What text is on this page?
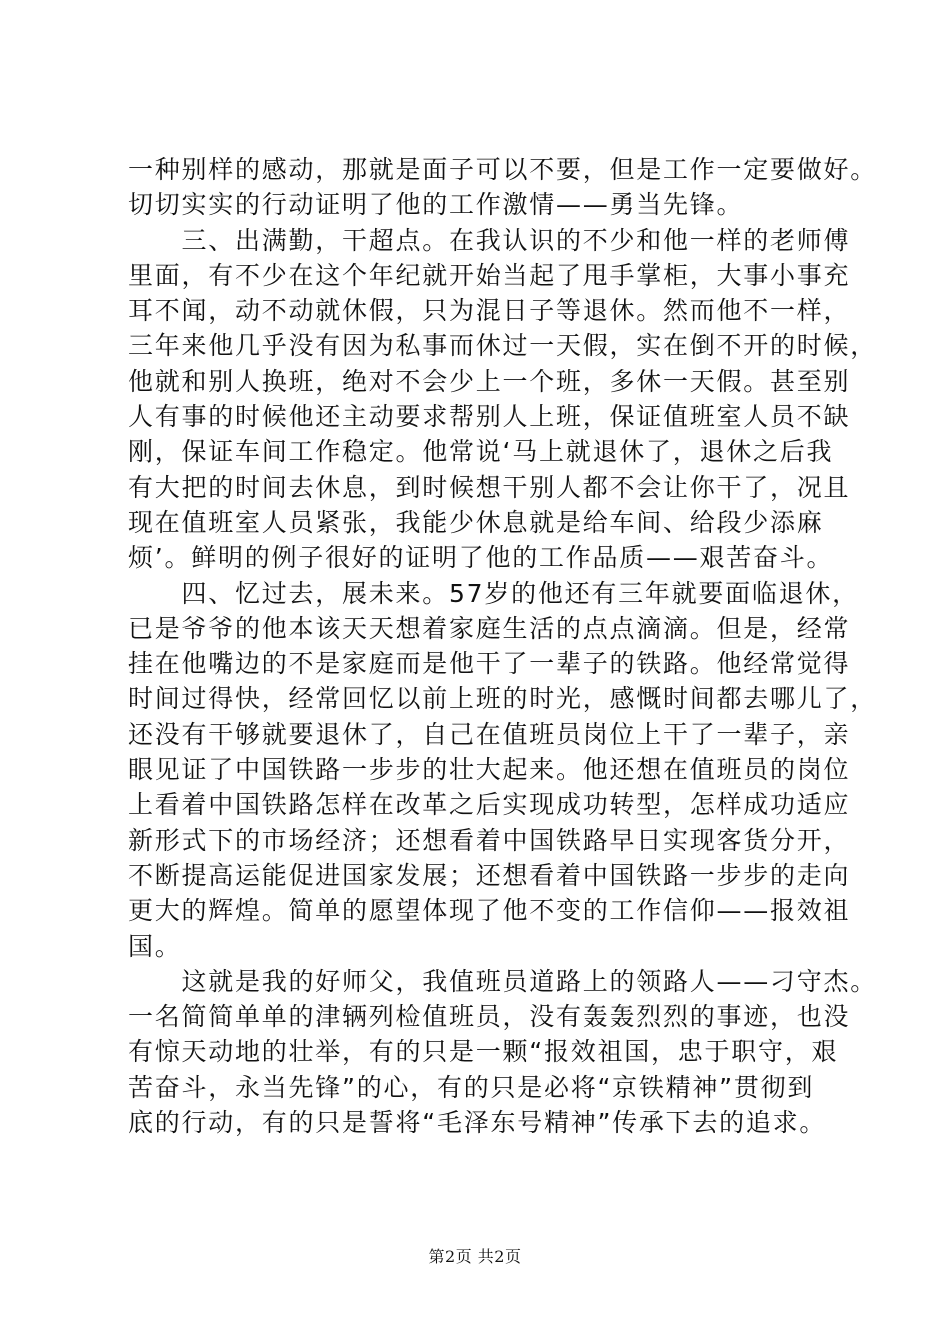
一种别样的感动，那就是面子可以不要，但是工作一定要做好。
切切实实的行动证明了他的工作激情——勇当先锋。
　　三、出满勤，干超点。在我认识的不少和他一样的老师傅
里面，有不少在这个年纪就开始当起了甩手掌柜，大事小事充
耳不闻，动不动就休假，只为混日子等退休。然而他不一样，
三年来他几乎没有因为私事而休过一天假，实在倒不开的时候，
他就和别人换班，绝对不会少上一个班，多休一天假。甚至别
人有事的时候他还主动要求帮别人上班，保证值班室人员不缺
刚，保证车间工作稳定。他常说‘马上就退休了，退休之后我
有大把的时间去休息，到时候想干别人都不会让你干了，况且
现在值班室人员紧张，我能少休息就是给车间、给段少添麻
烦’。鲜明的例子很好的证明了他的工作品质——艰苦奋斗。
　　四、忆过去，展未来。57岁的他还有三年就要面临退休，
已是爷爷的他本该天天想着家庭生活的点点滴滴。但是，经常
挂在他嘴边的不是家庭而是他干了一辈子的铁路。他经常觉得
时间过得快，经常回忆以前上班的时光，感慨时间都去哪儿了，
还没有干够就要退休了，自己在值班员岗位上干了一辈子，亲
眼见证了中国铁路一步步的壮大起来。他还想在值班员的岗位
上看着中国铁路怎样在改革之后实现成功转型，怎样成功适应
新形式下的市场经济；还想看着中国铁路早日实现客货分开，
不断提高运能促进国家发展；还想看着中国铁路一步步的走向
更大的辉煌。简单的愿望体现了他不变的工作信仰——报效祖
国。
　　这就是我的好师父，我值班员道路上的领路人——刁守杰。
一名简简单单的津辆列检值班员，没有轰轰烈烈的事迹，也没
有惊天动地的壮举，有的只是一颗“报效祖国，忠于职守，艰
苦奋斗，永当先锋”的心，有的只是必将“京铁精神”贯彻到
底的行动，有的只是誓将“毛泽东号精神”传承下去的追求。
第2页 共2页
